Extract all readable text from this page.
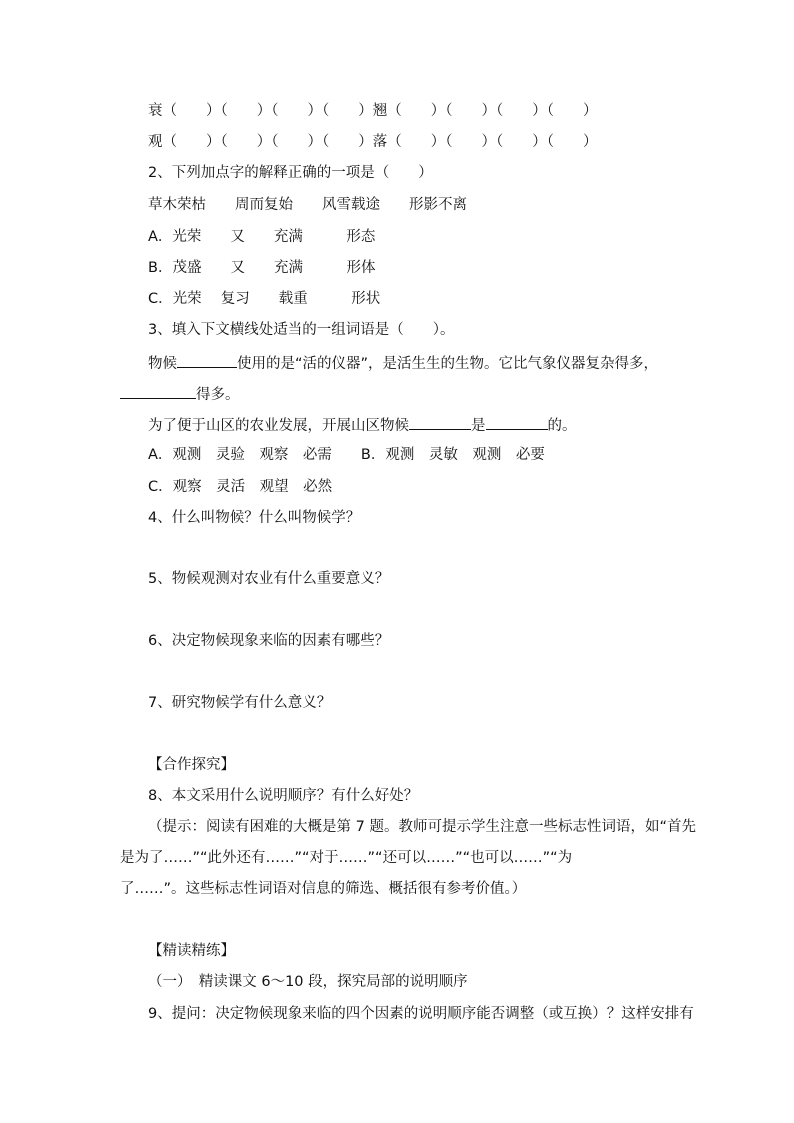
衰（　　）（　　）（　　）（　　）翘（　　）（　　）（　　）（　　）
观（　　）（　　）（　　）（　　）落（　　）（　　）（　　）（　　）
2、下列加点字的解释正确的一项是（　　）
草木荣枯　　周而复始　　风雪载途　　形影不离
A．光荣　　又　　充满　　　形态
B．茂盛　　又　　充满　　　形体
C．光荣　 复习　　载重　　　形状
3、填入下文横线处适当的一组词语是（　　）。
物候	使用的是“活的仪器”，是活生生的生物。它比气象仪器复杂得多，
得多。
为了便于山区的农业发展，开展山区物候	是	的。
A．观测　灵验　观察　必需　　B．观测　灵敏　观测　必要
C．观察　灵活　观望　必然
4、什么叫物候？什么叫物候学？
5、物候观测对农业有什么重要意义？
6、决定物候现象来临的因素有哪些？
7、研究物候学有什么意义？
【合作探究】
8、本文采用什么说明顺序？有什么好处？
（提示：阅读有困难的大概是第 7 题。教师可提示学生注意一些标志性词语，如“首先
是为了……”“此外还有……”“对于……”“还可以……”“也可以……”“为
了……”。这些标志性词语对信息的筛选、概括很有参考价值。）
【精读精练】
（一）　精读课文 6～10 段，探究局部的说明顺序
9、提问：决定物候现象来临的四个因素的说明顺序能否调整（或互换）？这样安排有
